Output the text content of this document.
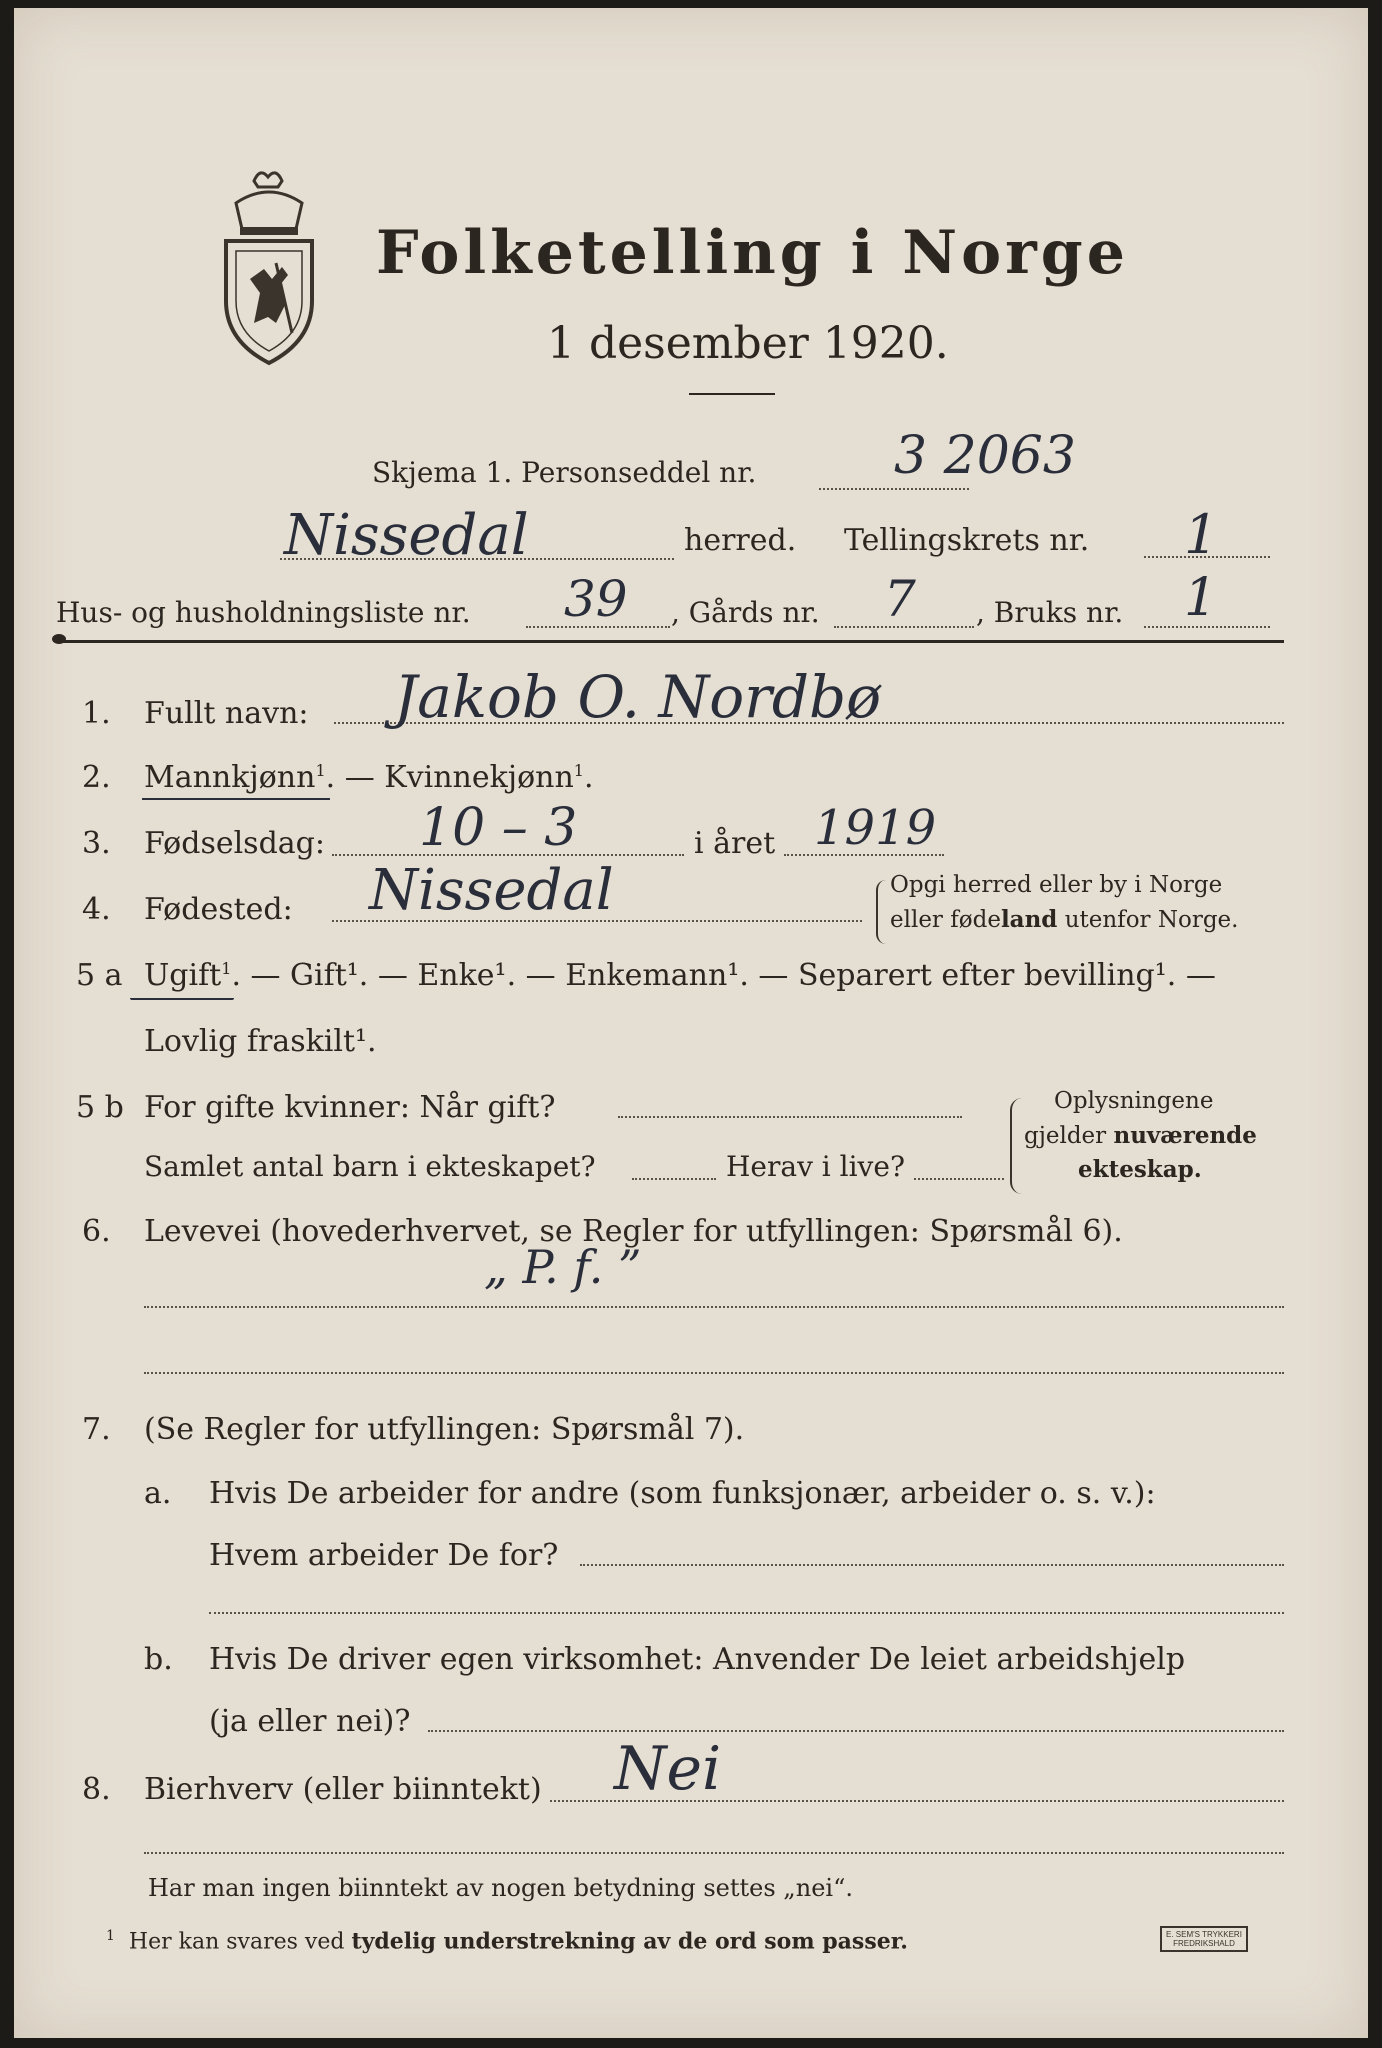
Folketelling i Norge
1 desember 1920.
Skjema 1. Personseddel nr.	3 2063
Nissedal	herred. Tellingskrets nr. 1
Hus- og husholdningsliste nr. 39 , Gårds nr. 7 , Bruks nr. 1
1. Fullt navn: Jakob O. Nordbø
2. Mannkjønn$^1$. — Kvinnekjønn$^1$.
3. Fødselsdag: 10 – 3	i året 1919
4. Fødested: Nissedal	Opgi herred eller by i Norge
eller fødeland utenfor Norge.
5 a Ugift$^1$. — Gift¹. — Enke¹. — Enkemann¹. — Separert efter bevilling¹. —
Lovlig fraskilt¹.
5 b For gifte kvinner: Når gift?
Samlet antal barn i ekteskapet?	Herav i live?
Oplysningene
gjelder nuværende
ekteskap.
6. Levevei (hovederhvervet, se Regler for utfyllingen: Spørsmål 6).
„ P. f. ”
7. (Se Regler for utfyllingen: Spørsmål 7).
a. Hvis De arbeider for andre (som funksjonær, arbeider o. s. v.):
Hvem arbeider De for?
b. Hvis De driver egen virksomhet: Anvender De leiet arbeidshjelp
(ja eller nei)?
8. Bierhverv (eller biinntekt) Nei
Har man ingen biinntekt av nogen betydning settes „nei“.
$^1$ Her kan svares ved tydelig understrekning av de ord som passer.	E. SEM'S TRYKKERI
FREDRIKSHALD
